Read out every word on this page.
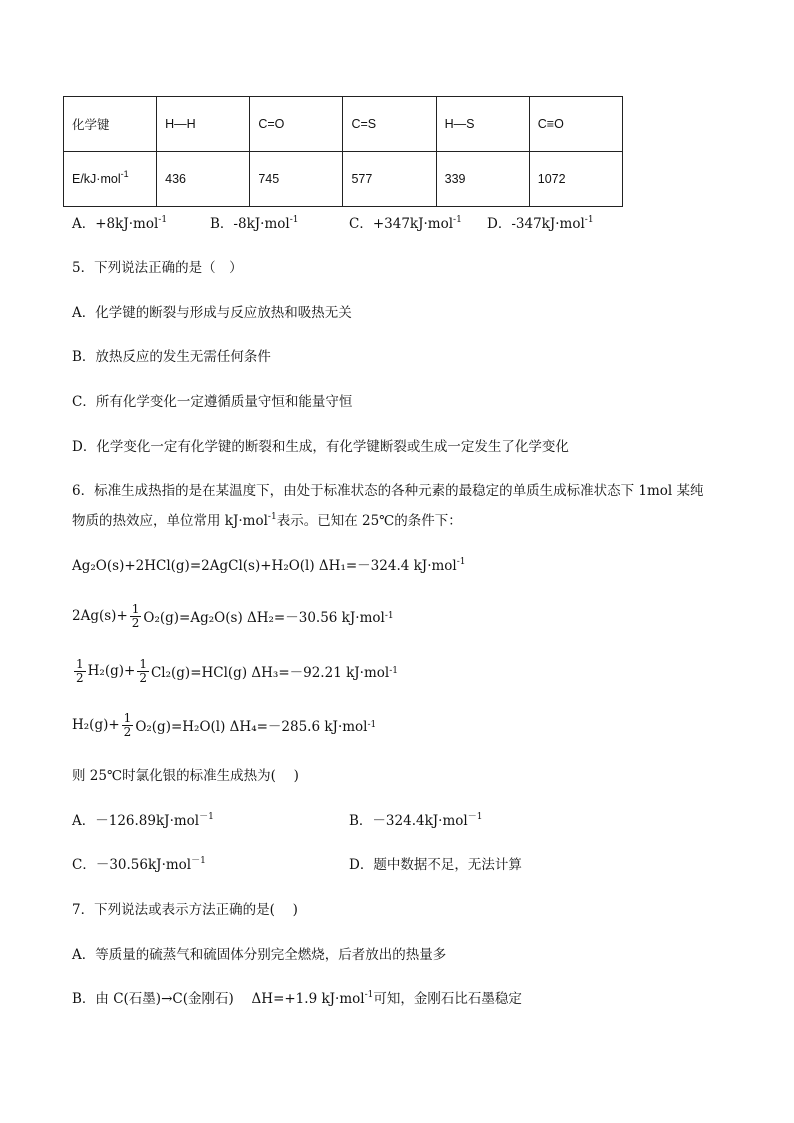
化学键	H—H	C=O	C=S	H—S	C≡O
E/kJ·mol$^{-1}$	436	745	577	339	1072
A．+8kJ·mol$^{-1}$	B．-8kJ·mol$^{-1}$	C．+347kJ·mol$^{-1}$ D．-347kJ·mol$^{-1}$
5．下列说法正确的是（　）
A．化学键的断裂与形成与反应放热和吸热无关
B．放热反应的发生无需任何条件
C．所有化学变化一定遵循质量守恒和能量守恒
D．化学变化一定有化学键的断裂和生成，有化学键断裂或生成一定发生了化学变化
6．标准生成热指的是在某温度下，由处于标准状态的各种元素的最稳定的单质生成标准状态下 1mol 某纯
物质的热效应，单位常用 kJ·mol$^{-1}$表示。已知在 25℃的条件下：
Ag₂O(s)+2HCl(g)=2AgCl(s)+H₂O(l) ΔH₁=－324.4 kJ·mol$^{-1}$
$2Ag(s)+ \frac{1}{2} O_2(g)=Ag_2O(s)$ ΔH₂=－30.56 kJ·mol -1
$\frac{1}{2} H_2(g)+ \frac{1}{2} Cl_2(g)=HCl(g)$ ΔH₃=－92.21 kJ·mol -1
$H_2(g)+ \frac{1}{2} O_2(g)=H_2O(l)$ ΔH₄=－285.6 kJ·mol -1
则 25℃时氯化银的标准生成热为(　 )
A．－126.89kJ·mol$^{-1}$	B．－324.4kJ·mol$^{-1}$
C．－30.56kJ·mol$^{-1}$	D．题中数据不足，无法计算
7．下列说法或表示方法正确的是(　 )
A．等质量的硫蒸气和硫固体分别完全燃烧，后者放出的热量多
B．由 C(石墨)→C(金刚石)　 ΔH=+1.9 kJ·mol$^{-1}$可知，金刚石比石墨稳定
